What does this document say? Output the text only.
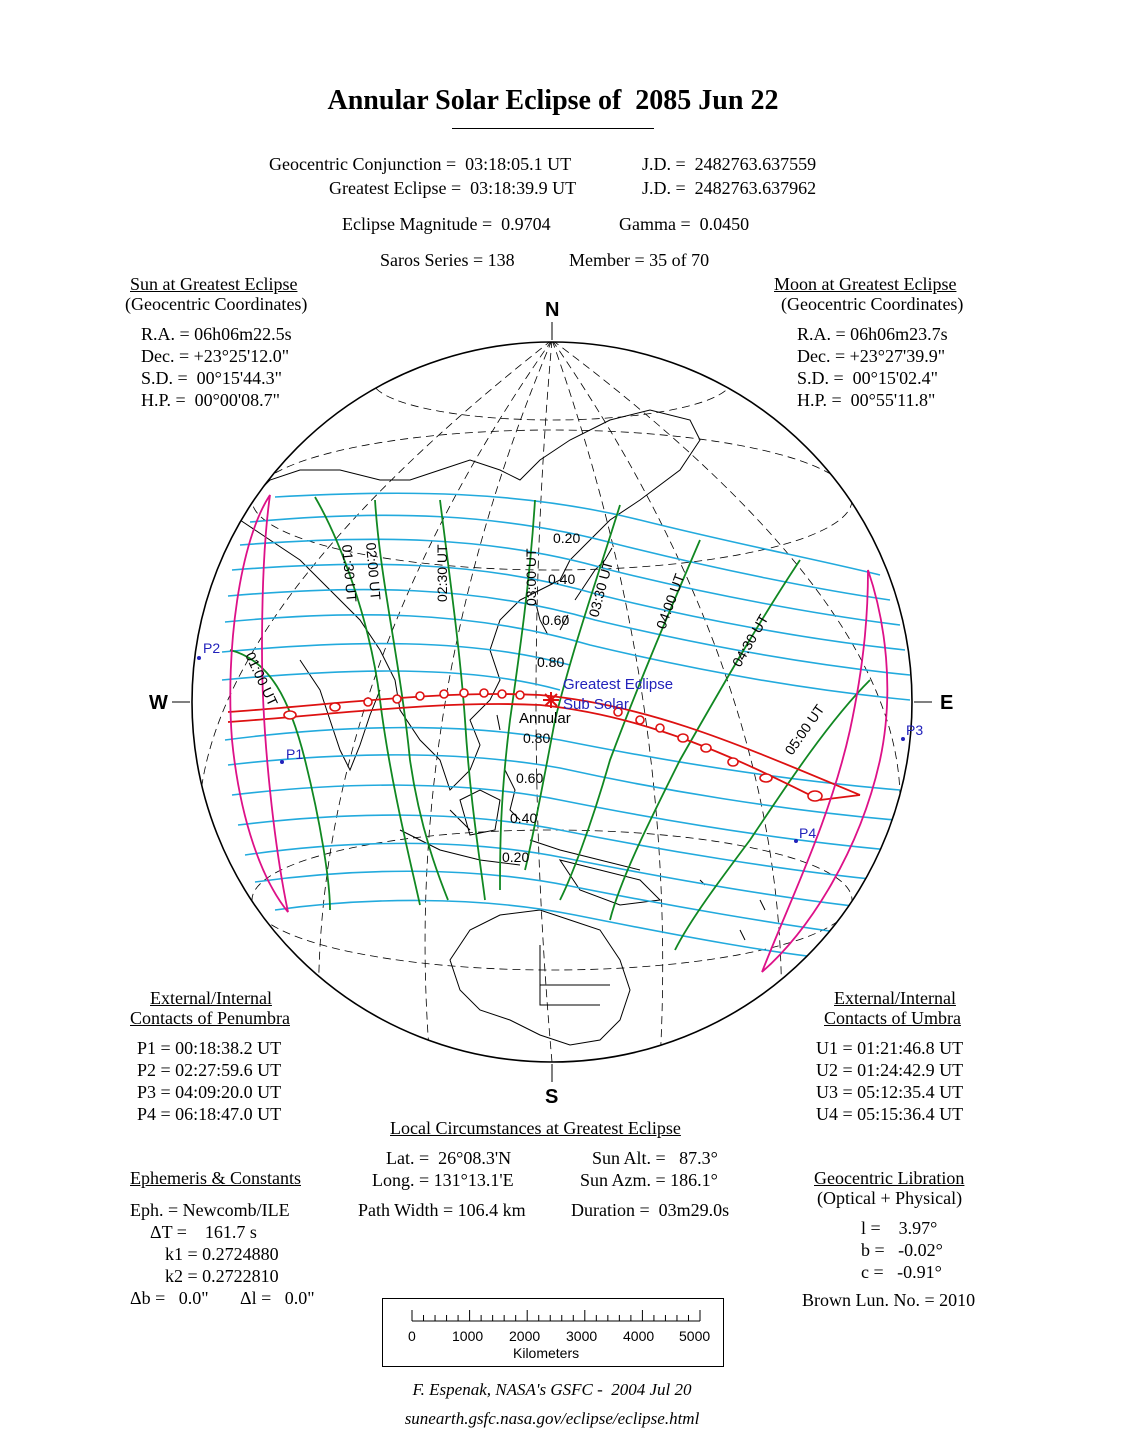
Annular Solar Eclipse of  2085 Jun 22
Geocentric Conjunction =  03:18:05.1 UT	J.D. =  2482763.637559
Greatest Eclipse =  03:18:39.9 UT	J.D. =  2482763.637962
Eclipse Magnitude =  0.9704	Gamma =  0.0450
Saros Series = 138	Member = 35 of 70
Sun at Greatest Eclipse
(Geocentric Coordinates)
R.A. = 06h06m22.5s
Dec. = +23°25'12.0"
S.D. =  00°15'44.3"
H.P. =  00°00'08.7"
Moon at Greatest Eclipse
(Geocentric Coordinates)
R.A. = 06h06m23.7s
Dec. = +23°27'39.9"
S.D. =  00°15'02.4"
H.P. =  00°55'11.8"
N
S
W	E
0.20
0.40
0.60
0.80
0.80
0.60
0.40
0.20
01:00 UT
01:30 UT 02:00 UT	02:30 UT	03:00 UT	03:30 UT	04:00 UT
04:30 UT
05:00 UT
Greatest Eclipse
Sub Solar
Annular
P1
P2
P3
P4
External/Internal
Contacts of Penumbra
P1 = 00:18:38.2 UT
P2 = 02:27:59.6 UT
P3 = 04:09:20.0 UT
P4 = 06:18:47.0 UT
External/Internal
Contacts of Umbra
U1 = 01:21:46.8 UT
U2 = 01:24:42.9 UT
U3 = 05:12:35.4 UT
U4 = 05:15:36.4 UT
Local Circumstances at Greatest Eclipse
Lat. =  26°08.3'N
Long. = 131°13.1'E
Sun Alt. =   87.3°
Sun Azm. = 186.1°
Path Width = 106.4 km	Duration =  03m29.0s
Ephemeris & Constants
Eph. = Newcomb/ILE
ΔT =    161.7 s
k1 = 0.2724880
k2 = 0.2722810
Δb =   0.0" Δl =   0.0"
Geocentric Libration
(Optical + Physical)
l =    3.97°
b =   -0.02°
c =   -0.91°
Brown Lun. No. = 2010
0	1000 2000 3000 4000 5000
Kilometers
F. Espenak, NASA's GSFC -  2004 Jul 20
sunearth.gsfc.nasa.gov/eclipse/eclipse.html
